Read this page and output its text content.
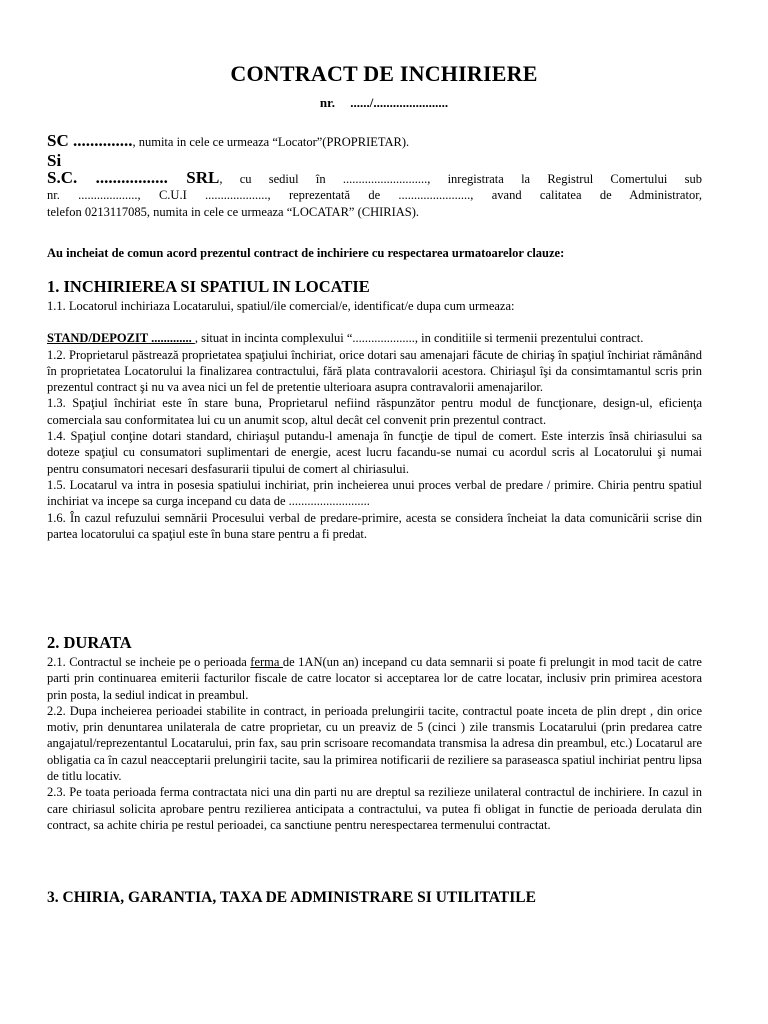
CONTRACT DE INCHIRIERE
nr. ....../.......................
SC .............., numita in cele ce urmeaza “Locator”(PROPRIETAR).
Si
S.C. ................. SRL, cu sediul în ..........................., inregistrata la Registrul Comertului sub
nr. ..................., C.U.I ...................., reprezentată de ......................., avand calitatea de Administrator,
telefon 0213117085, numita in cele ce urmeaza “LOCATAR” (CHIRIAS).
Au incheiat de comun acord prezentul contract de inchiriere cu respectarea urmatoarelor clauze:
1. INCHIRIEREA SI SPATIUL IN LOCATIE

1.1. Locatorul inchiriaza Locatarului, spatiul/ile comercial/e, identificat/e dupa cum urmeaza:

STAND/DEPOZIT ............. , situat in incinta complexului “...................., in conditiile si termenii prezentului contract.

1.2. Proprietarul păstrează proprietatea spaţiului închiriat, orice dotari sau amenajari făcute de chiriaş în spaţiul închiriat rămânând în proprietatea Locatorului la finalizarea contractului, fără plata contravalorii acestora. Chiriaşul îşi da consimtamantul scris prin prezentul contract şi nu va avea nici un fel de pretentie ulterioara asupra contravalorii amenajarilor.

1.3. Spaţiul închiriat este în stare buna, Proprietarul nefiind răspunzător pentru modul de funcţionare, design-ul, eficienţa comerciala sau conformitatea lui cu un anumit scop, altul decât cel convenit prin prezentul contract.

1.4. Spaţiul conţine dotari standard, chiriaşul putandu-l amenaja în funcţie de tipul de comert. Este interzis însă chiriasului sa doteze spaţiul cu consumatori suplimentari de energie, acest lucru facandu-se numai cu acordul scris al Locatorului şi numai pentru consumatori necesari desfasurarii tipului de comert al chiriasului.

1.5. Locatarul va intra in posesia spatiului inchiriat, prin incheierea unui proces verbal de predare / primire. Chiria pentru spatiul inchiriat va incepe sa curga incepand cu data de ..........................

1.6. În cazul refuzului semnării Procesului verbal de predare-primire, acesta se considera încheiat la data comunicării scrise din partea locatorului ca spaţiul este în buna stare pentru a fi predat.

2. DURATA

2.1. Contractul se incheie pe o perioada ferma de 1AN(un an) incepand cu data semnarii si poate fi prelungit in mod tacit de catre parti prin continuarea emiterii facturilor fiscale de catre locator si acceptarea lor de catre locatar, inclusiv prin primirea acestora prin posta, la sediul indicat in preambul.

2.2. Dupa incheierea perioadei stabilite in contract, in perioada prelungirii tacite, contractul poate inceta de plin drept , din orice motiv, prin denuntarea unilaterala de catre proprietar, cu un preaviz de 5 (cinci ) zile transmis Locatarului (prin predarea catre angajatul/reprezentantul Locatarului, prin fax, sau prin scrisoare recomandata transmisa la adresa din preambul, etc.) Locatarul are obligatia ca în cazul neacceptarii prelungirii tacite, sau la primirea notificarii de reziliere sa paraseasca spatiul inchiriat pentru lipsa de titlu locativ.

2.3. Pe toata perioada ferma contractata nici una din parti nu are dreptul sa rezilieze unilateral contractul de inchiriere. In cazul in care chiriasul solicita aprobare pentru rezilierea anticipata a contractului, va putea fi obligat in functie de perioada derulata din contract, sa achite chiria pe restul perioadei, ca sanctiune pentru nerespectarea termenului contractat.

3. CHIRIA, GARANTIA, TAXA DE ADMINISTRARE SI UTILITATILE
